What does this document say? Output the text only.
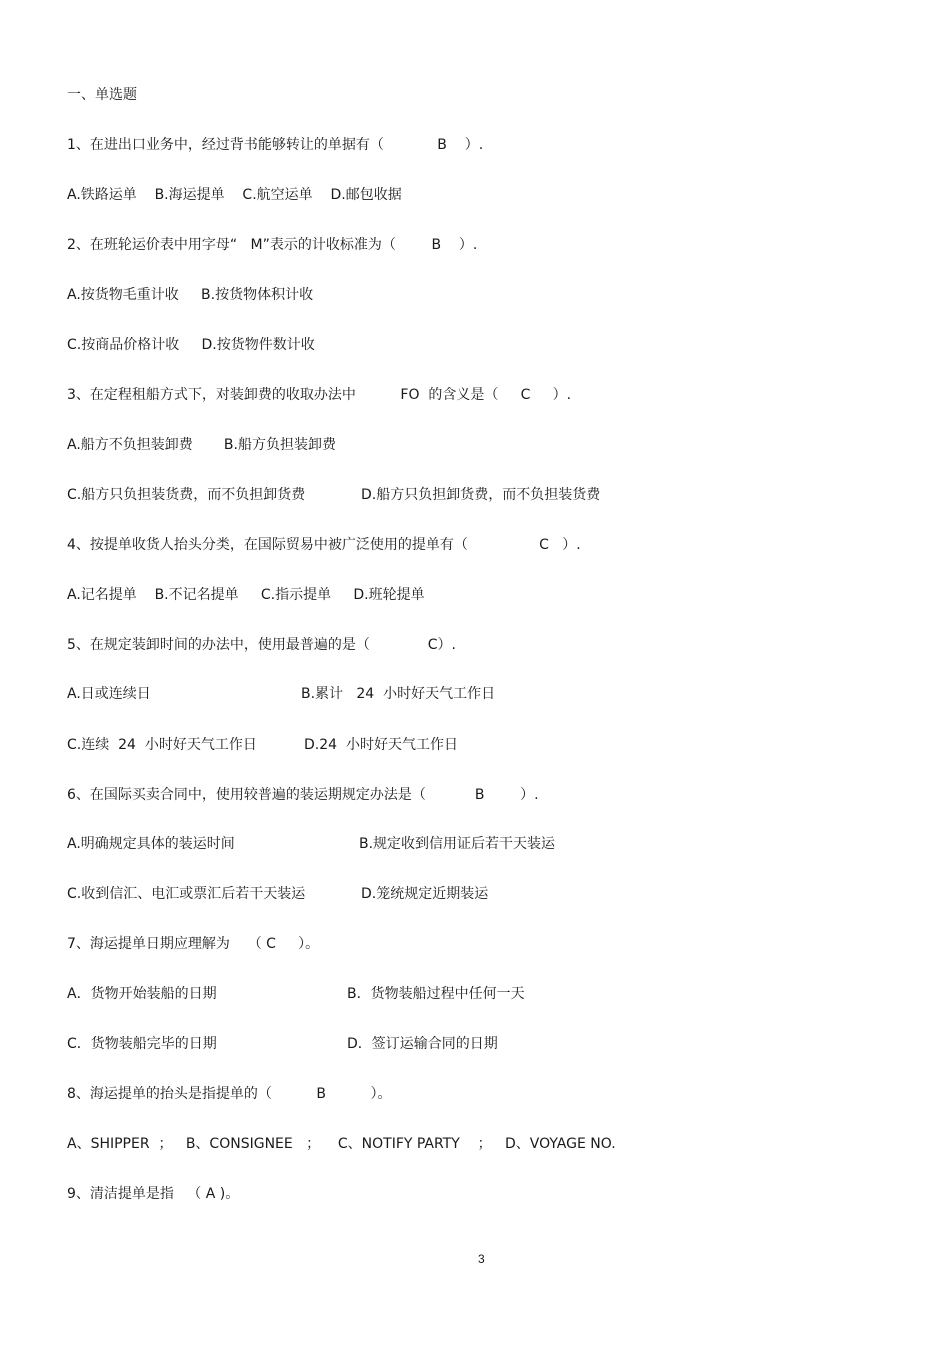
一、单选题
1、在进出口业务中，经过背书能够转让的单据有（            B    ）.
A.铁路运单    B.海运提单    C.航空运单    D.邮包收据
2、在班轮运价表中用字母“   M”表示的计收标准为（        B    ）.
A.按货物毛重计收     B.按货物体积计收
C.按商品价格计收     D.按货物件数计收
3、在定程租船方式下，对装卸费的收取办法中          FO  的含义是（     C     ）.
A.船方不负担装卸费       B.船方负担装卸费
C.船方只负担装货费，而不负担卸货费	D.船方只负担卸货费，而不负担装货费
4、按提单收货人抬头分类，在国际贸易中被广泛使用的提单有（                C   ）.
A.记名提单    B.不记名提单     C.指示提单     D.班轮提单
5、在规定装卸时间的办法中，使用最普遍的是（             C）.
A.日或连续日	B.累计   24  小时好天气工作日
C.连续  24  小时好天气工作日	D.24  小时好天气工作日
6、在国际买卖合同中，使用较普遍的装运期规定办法是（           B        ）.
A.明确规定具体的装运时间	B.规定收到信用证后若干天装运
C.收到信汇、电汇或票汇后若干天装运	D.笼统规定近期装运
7、海运提单日期应理解为    （ C     ）。
A．货物开始装船的日期	B．货物装船过程中任何一天
C．货物装船完毕的日期	D．签订运输合同的日期
8、海运提单的抬头是指提单的（          B          ）。
A、SHIPPER  ；   B、CONSIGNEE   ；    C、NOTIFY PARTY    ；   D、VOYAGE NO.
9、清洁提单是指   （ A )。
3
